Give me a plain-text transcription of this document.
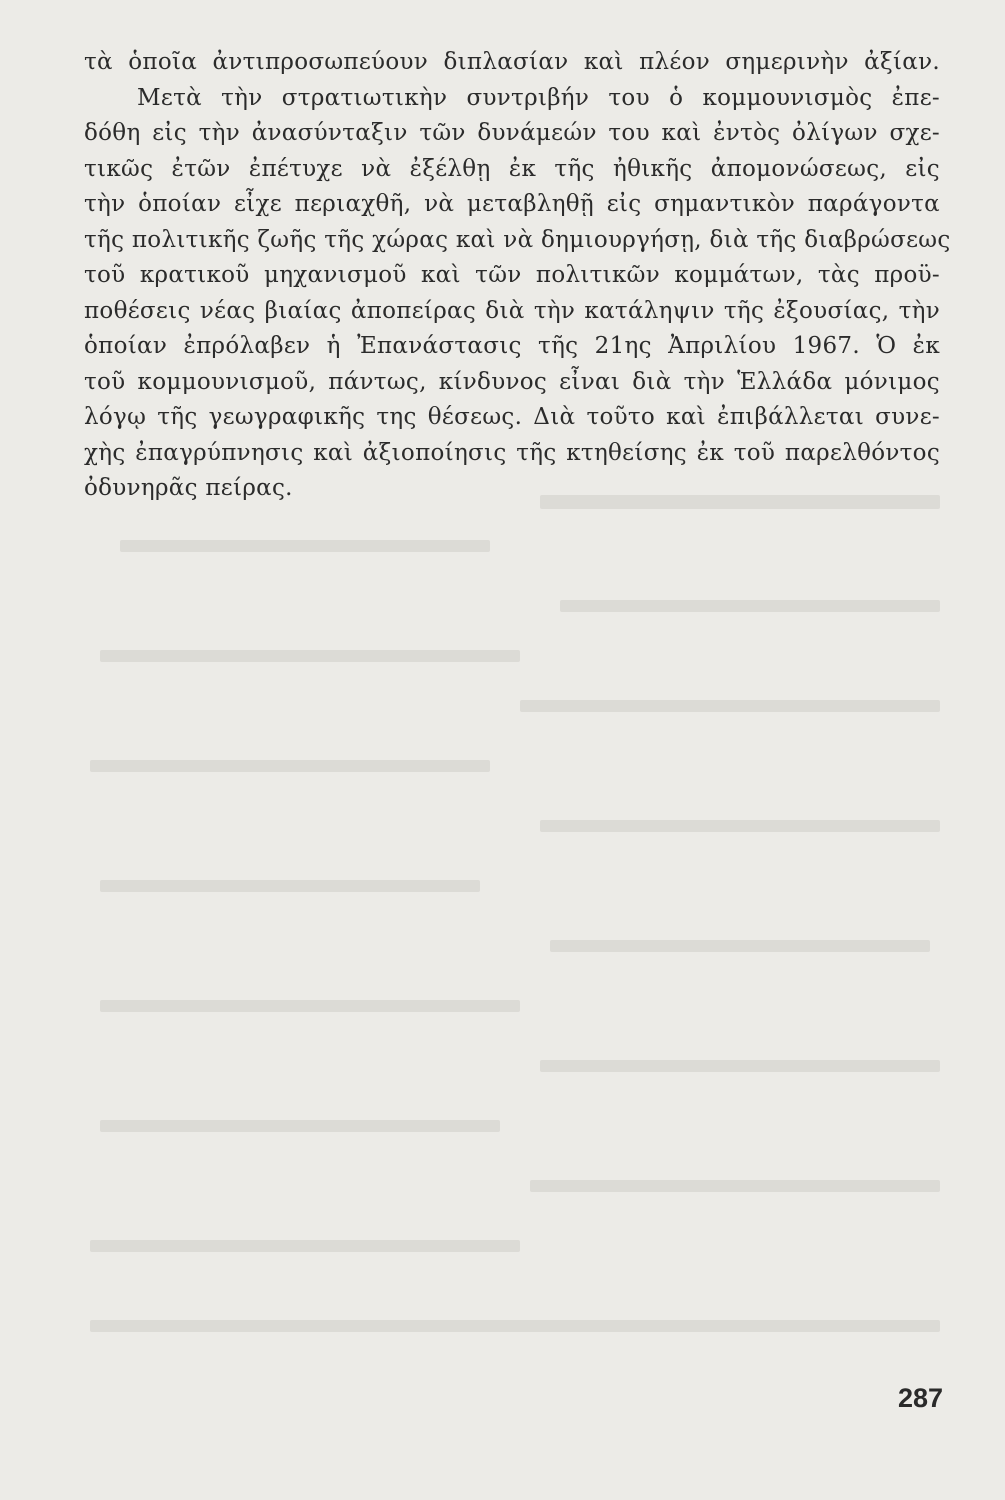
τὰ ὁποῖα ἀντιπροσωπεύουν διπλασίαν καὶ πλέον σημερινὴν ἀξίαν.
Μετὰ τὴν στρατιωτικὴν συντριβήν του ὁ κομμουνισμὸς ἐπε-
δόθη εἰς τὴν ἀνασύνταξιν τῶν δυνάμεών του καὶ ἐντὸς ὀλίγων σχε-
τικῶς ἐτῶν ἐπέτυχε νὰ ἐξέλθῃ ἐκ τῆς ἠθικῆς ἀπομονώσεως, εἰς
τὴν ὁποίαν εἶχε περιαχθῆ, νὰ μεταβληθῇ εἰς σημαντικὸν παράγοντα
τῆς πολιτικῆς ζωῆς τῆς χώρας καὶ νὰ δημιουργήσῃ, διὰ τῆς διαβρώσεως
τοῦ κρατικοῦ μηχανισμοῦ καὶ τῶν πολιτικῶν κομμάτων, τὰς προϋ-
ποθέσεις νέας βιαίας ἀποπείρας διὰ τὴν κατάληψιν τῆς ἐξουσίας, τὴν
ὁποίαν ἐπρόλαβεν ἡ Ἐπανάστασις τῆς 21ης Ἀπριλίου 1967. Ὁ ἐκ
τοῦ κομμουνισμοῦ, πάντως, κίνδυνος εἶναι διὰ τὴν Ἑλλάδα μόνιμος
λόγῳ τῆς γεωγραφικῆς της θέσεως. Διὰ τοῦτο καὶ ἐπιβάλλεται συνε-
χὴς ἐπαγρύπνησις καὶ ἀξιοποίησις τῆς κτηθείσης ἐκ τοῦ παρελθόντος
ὀδυνηρᾶς πείρας.
287
